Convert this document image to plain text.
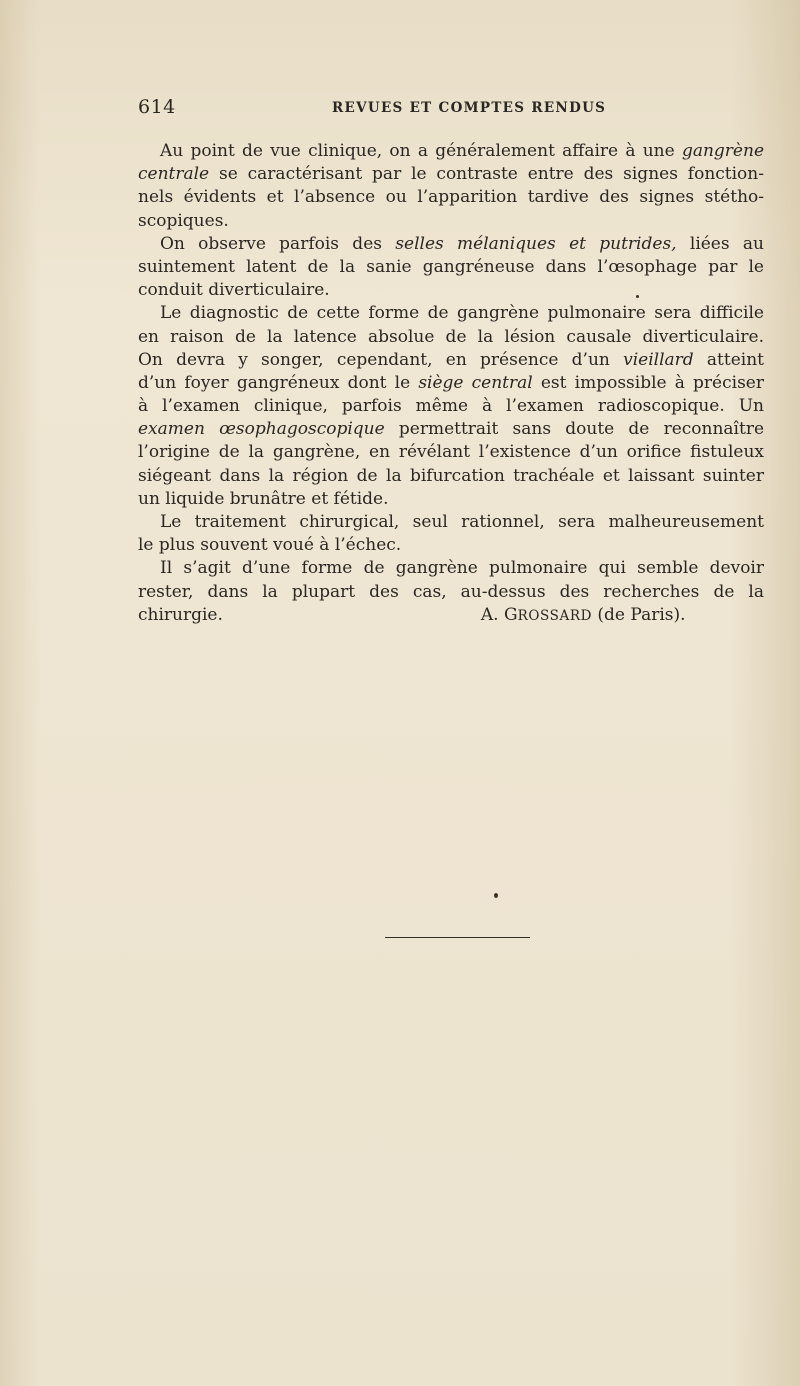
614	REVUES ET COMPTES RENDUS
Au point de vue clinique, on a généralement affaire à une gangrène
centrale se caractérisant par le contraste entre des signes fonction-
nels évidents et l’absence ou l’apparition tardive des signes stétho-
scopiques.
On observe parfois des selles mélaniques et putrides, liées au
suintement latent de la sanie gangréneuse dans l’œsophage par le
conduit diverticulaire.
Le diagnostic de cette forme de gangrène pulmonaire sera difficile
en raison de la latence absolue de la lésion causale diverticulaire.
On devra y songer, cependant, en présence d’un vieillard atteint
d’un foyer gangréneux dont le siège central est impossible à préciser
à l’examen clinique, parfois même à l’examen radioscopique. Un
examen œsophagoscopique permettrait sans doute de reconnaître
l’origine de la gangrène, en révélant l’existence d’un orifice fistuleux
siégeant dans la région de la bifurcation trachéale et laissant suinter
un liquide brunâtre et fétide.
Le traitement chirurgical, seul rationnel, sera malheureusement
le plus souvent voué à l’échec.
Il s’agit d’une forme de gangrène pulmonaire qui semble devoir
rester, dans la plupart des cas, au-dessus des recherches de la
chirurgie.	A. GROSSARD (de Paris).
